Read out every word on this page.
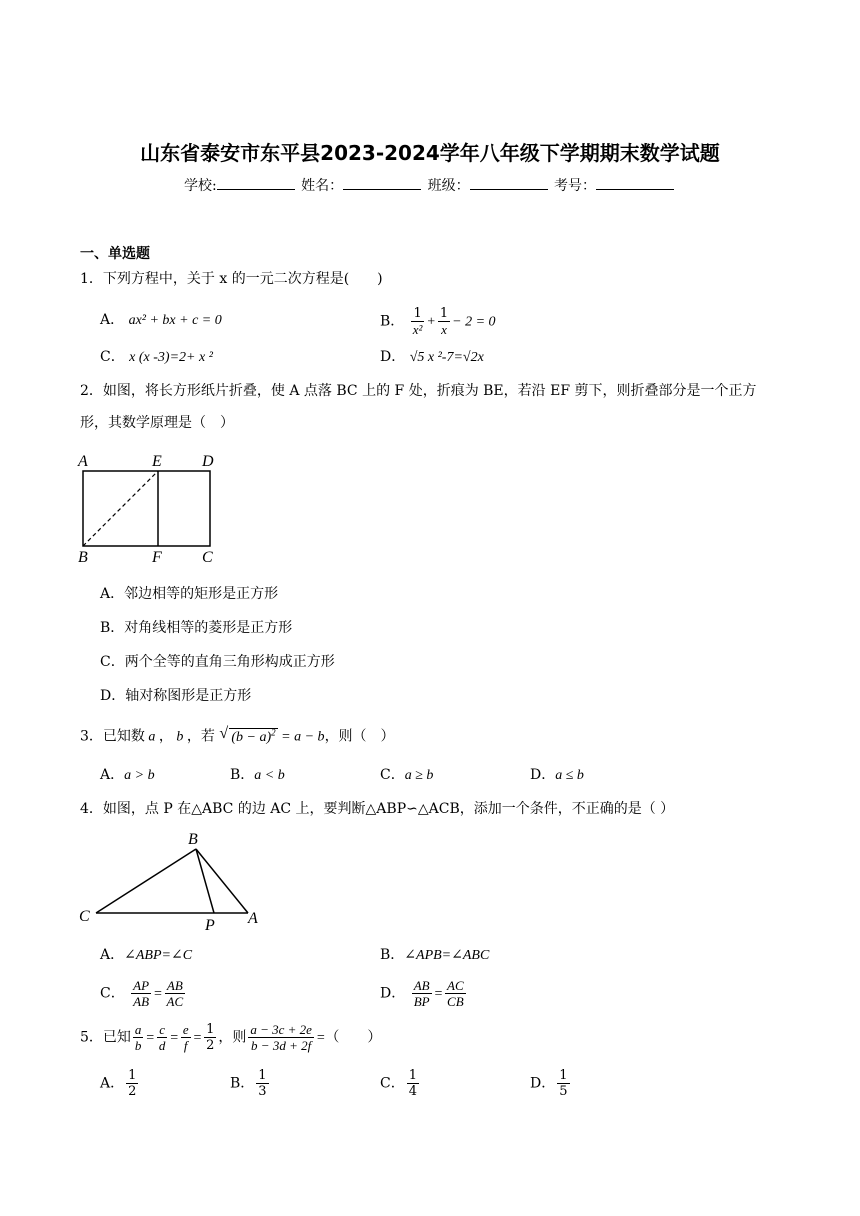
山东省泰安市东平县2023-2024学年八年级下学期期末数学试题
学校:	姓名：	班级：	考号：
一、单选题
1．下列方程中，关于 x 的一元二次方程是(　　)
A． ax² + bx + c = 0	B． $\frac{1}{\text{x²}} + \frac{1}{x} - 2 = 0$
C． x (x -3)=2+ x ²	D． √5 x ²-7=√2x
2．如图，将长方形纸片折叠，使 A 点落 BC 上的 F 处，折痕为 BE，若沿 EF 剪下，则折叠部分是一个正方形，其数学原理是（　）
A	E	D
B	F	C
A．邻边相等的矩形是正方形
B．对角线相等的菱形是正方形
C．两个全等的直角三角形构成正方形
D．轴对称图形是正方形
3．已知数 a ， b ，若 √ $(b - a)^2 = a - b$，则（　）
A．a > b	B．a < b	C．a ≥ b	D．a ≤ b
4．如图，点 P 在△ABC 的边 AC 上，要判断△ABP∽△ACB，添加一个条件，不正确的是（ ）
B
C
P A
A．∠ABP=∠C	B．∠APB=∠ABC
C． $\frac{AP}{AB} = \frac{AB}{AC}$	D． $\frac{AB}{BP} = \frac{AC}{CB}$
5．已知 $\frac{a}{b} = \frac{c}{d} = \frac{e}{f} = \frac{1}{2}$ ，则 $\frac{a - 3c + 2e}{b - 3d + 2f}$ =（　　）
A． $\frac{1}{2}$	B． $\frac{1}{3}$	C． $\frac{1}{4}$	D． $\frac{1}{5}$
